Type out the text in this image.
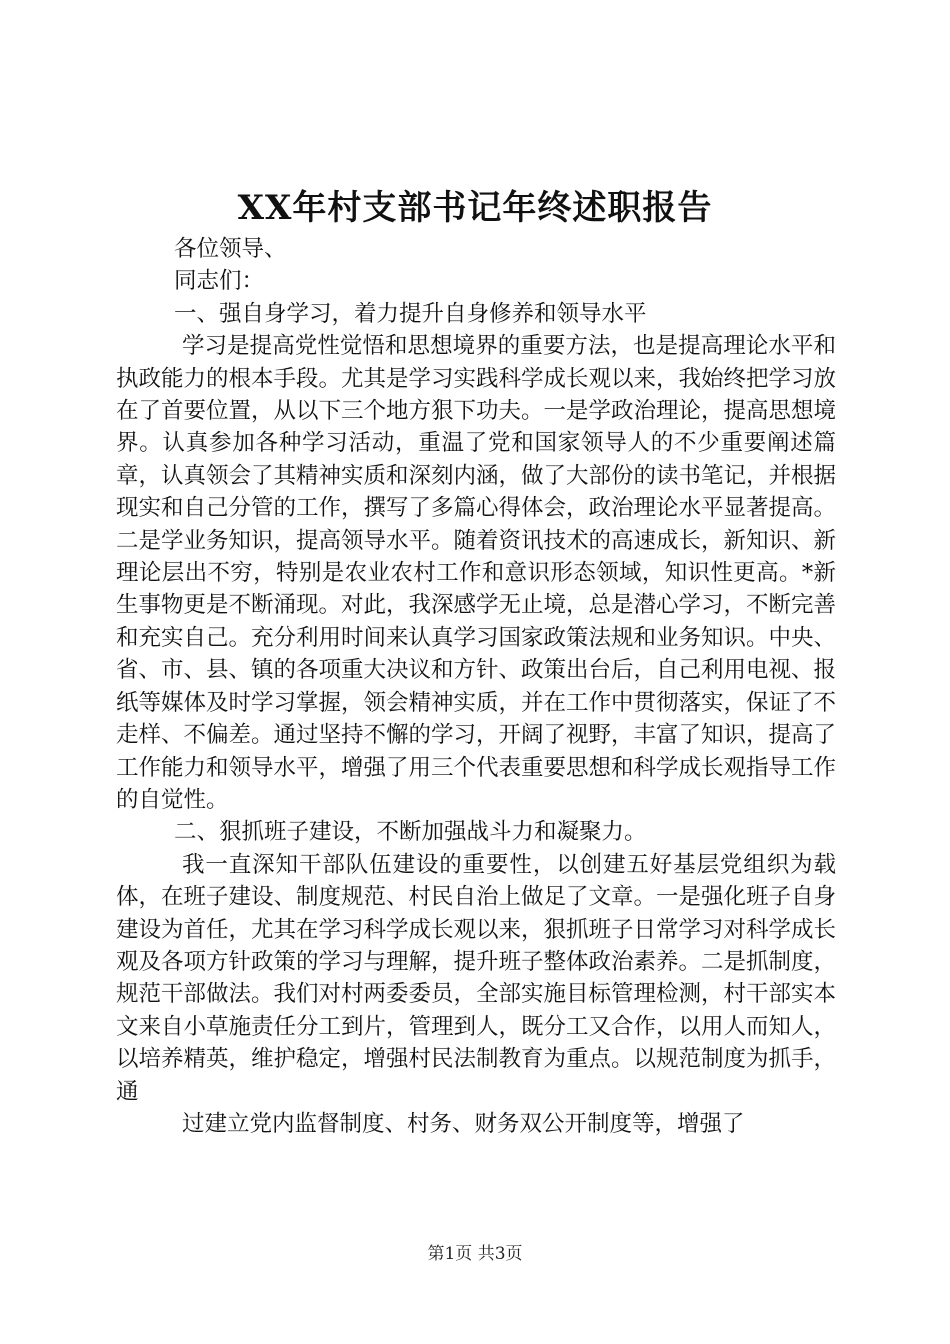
XX年村支部书记年终述职报告

各位领导、

同志们：

一、强自身学习，着力提升自身修养和领导水平

学习是提高党性觉悟和思想境界的重要方法，也是提高理论水平和执政能力的根本手段。尤其是学习实践科学成长观以来，我始终把学习放在了首要位置，从以下三个地方狠下功夫。一是学政治理论，提高思想境界。认真参加各种学习活动，重温了党和国家领导人的不少重要阐述篇章，认真领会了其精神实质和深刻内涵，做了大部份的读书笔记，并根据现实和自己分管的工作，撰写了多篇心得体会，政治理论水平显著提高。二是学业务知识，提高领导水平。随着资讯技术的高速成长，新知识、新理论层出不穷，特别是农业农村工作和意识形态领域，知识性更高。*新生事物更是不断涌现。对此，我深感学无止境，总是潜心学习，不断完善和充实自己。充分利用时间来认真学习国家政策法规和业务知识。中央、省、市、县、镇的各项重大决议和方针、政策出台后，自己利用电视、报纸等媒体及时学习掌握，领会精神实质，并在工作中贯彻落实，保证了不走样、不偏差。通过坚持不懈的学习，开阔了视野，丰富了知识，提高了工作能力和领导水平，增强了用三个代表重要思想和科学成长观指导工作的自觉性。

二、狠抓班子建设，不断加强战斗力和凝聚力。

我一直深知干部队伍建设的重要性，以创建五好基层党组织为载体，在班子建设、制度规范、村民自治上做足了文章。一是强化班子自身建设为首任，尤其在学习科学成长观以来，狠抓班子日常学习对科学成长观及各项方针政策的学习与理解，提升班子整体政治素养。二是抓制度，规范干部做法。我们对村两委委员，全部实施目标管理检测，村干部实本文来自小草施责任分工到片，管理到人，既分工又合作，以用人而知人，以培养精英，维护稳定，增强村民法制教育为重点。以规范制度为抓手，通

过建立党内监督制度、村务、财务双公开制度等，增强了

第1页 共3页
